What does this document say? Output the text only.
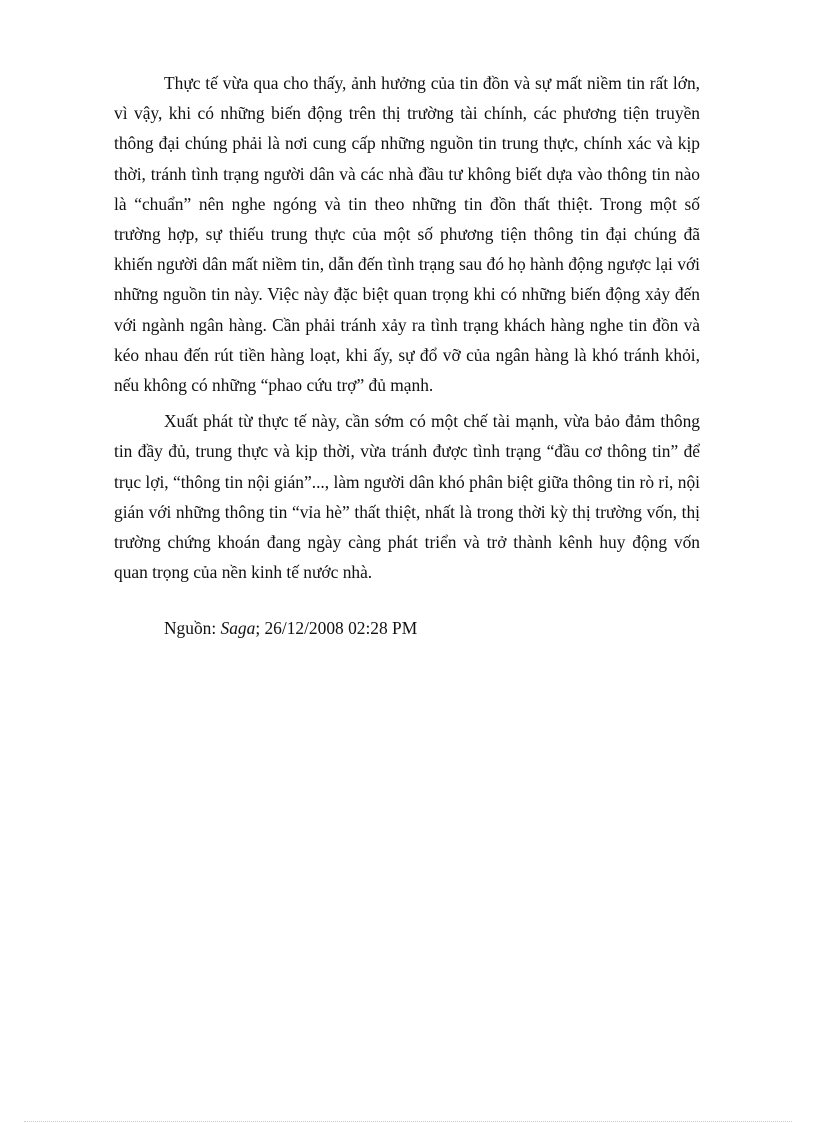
Thực tế vừa qua cho thấy, ảnh hưởng của tin đồn và sự mất niềm tin rất lớn, vì vậy, khi có những biến động trên thị trường tài chính, các phương tiện truyền thông đại chúng phải là nơi cung cấp những nguồn tin trung thực, chính xác và kịp thời, tránh tình trạng người dân và các nhà đầu tư không biết dựa vào thông tin nào là “chuẩn” nên nghe ngóng và tin theo những tin đồn thất thiệt. Trong một số trường hợp, sự thiếu trung thực của một số phương tiện thông tin đại chúng đã khiến người dân mất niềm tin, dẫn đến tình trạng sau đó họ hành động ngược lại với những nguồn tin này. Việc này đặc biệt quan trọng khi có những biến động xảy đến với ngành ngân hàng. Cần phải tránh xảy ra tình trạng khách hàng nghe tin đồn và kéo nhau đến rút tiền hàng loạt, khi ấy, sự đổ vỡ của ngân hàng là khó tránh khỏi, nếu không có những “phao cứu trợ” đủ mạnh.

Xuất phát từ thực tế này, cần sớm có một chế tài mạnh, vừa bảo đảm thông tin đầy đủ, trung thực và kịp thời, vừa tránh được tình trạng “đầu cơ thông tin” để trục lợi, “thông tin nội gián”..., làm người dân khó phân biệt giữa thông tin rò rỉ, nội gián với những thông tin “vỉa hè” thất thiệt, nhất là trong thời kỳ thị trường vốn, thị trường chứng khoán đang ngày càng phát triển và trở thành kênh huy động vốn quan trọng của nền kinh tế nước nhà.

Nguồn: Saga; 26/12/2008 02:28 PM
